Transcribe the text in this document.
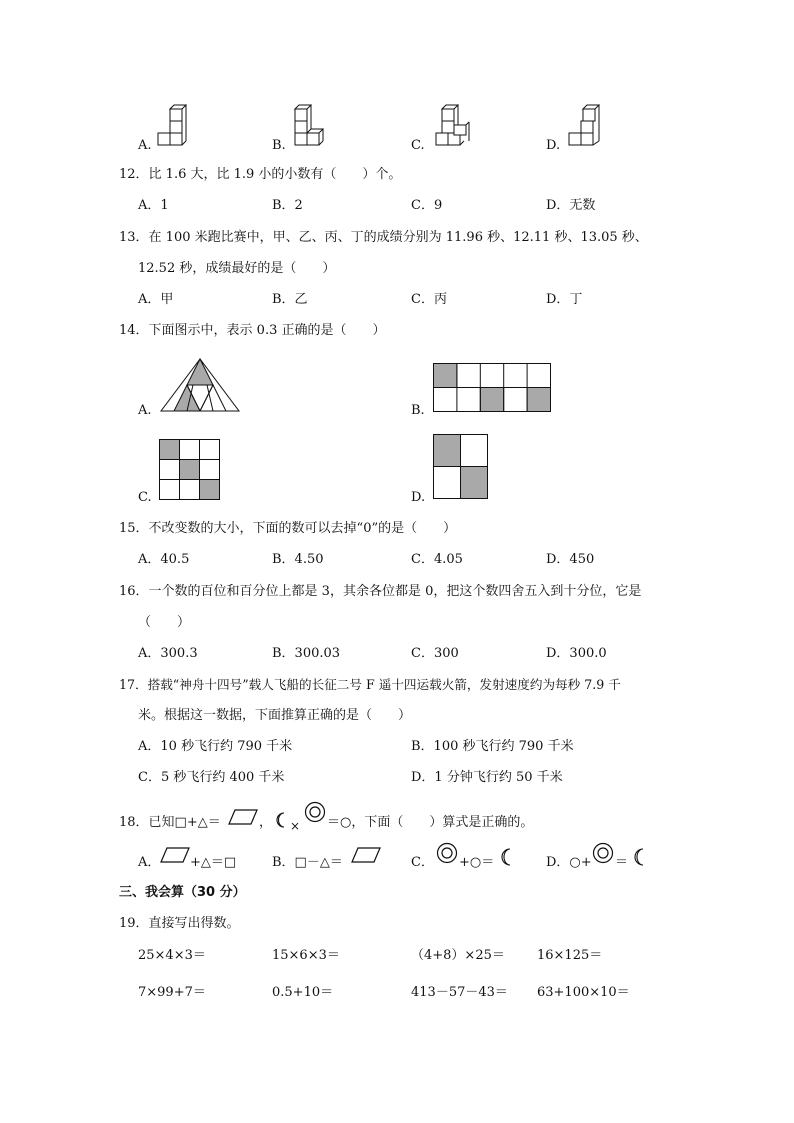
A.	B.	C.	D.
12．比 1.6 大，比 1.9 小的小数有（　　）个。
A．1	B．2	C．9	D．无数
13．在 100 米跑比赛中，甲、乙、丙、丁的成绩分别为 11.96 秒、12.11 秒、13.05 秒、
12.52 秒，成绩最好的是（　　）
A．甲	B．乙	C．丙	D．丁
14．下面图示中，表示 0.3 正确的是（　　）
A.	B.
C.	D.
15．不改变数的大小，下面的数可以去掉“0”的是（　　）
A．40.5	B．4.50	C．4.05	D．450
16．一个数的百位和百分位上都是 3，其余各位都是 0，把这个数四舍五入到十分位，它是
（　　）
A．300.3	B．300.03	C．300	D．300.0
17．搭载“神舟十四号”载人飞船的长征二号 F 遥十四运载火箭，发射速度约为每秒 7.9 千
米。根据这一数据，下面推算正确的是（　　）
A．10 秒飞行约 790 千米	B．100 秒飞行约 790 千米
C．5 秒飞行约 400 千米	D．1 分钟飞行约 50 千米
18．已知□+△＝	， × ＝○，下面（　　）算式是正确的。
A． +△＝□	B．□－△＝	C． +○＝	D．○+ ＝
三、我会算（30 分）
19．直接写出得数。
25×4×3＝	15×6×3＝	（4+8）×25＝ 16×125＝
7×99+7＝	0.5+10＝	413－57－43＝ 63+100×10＝
